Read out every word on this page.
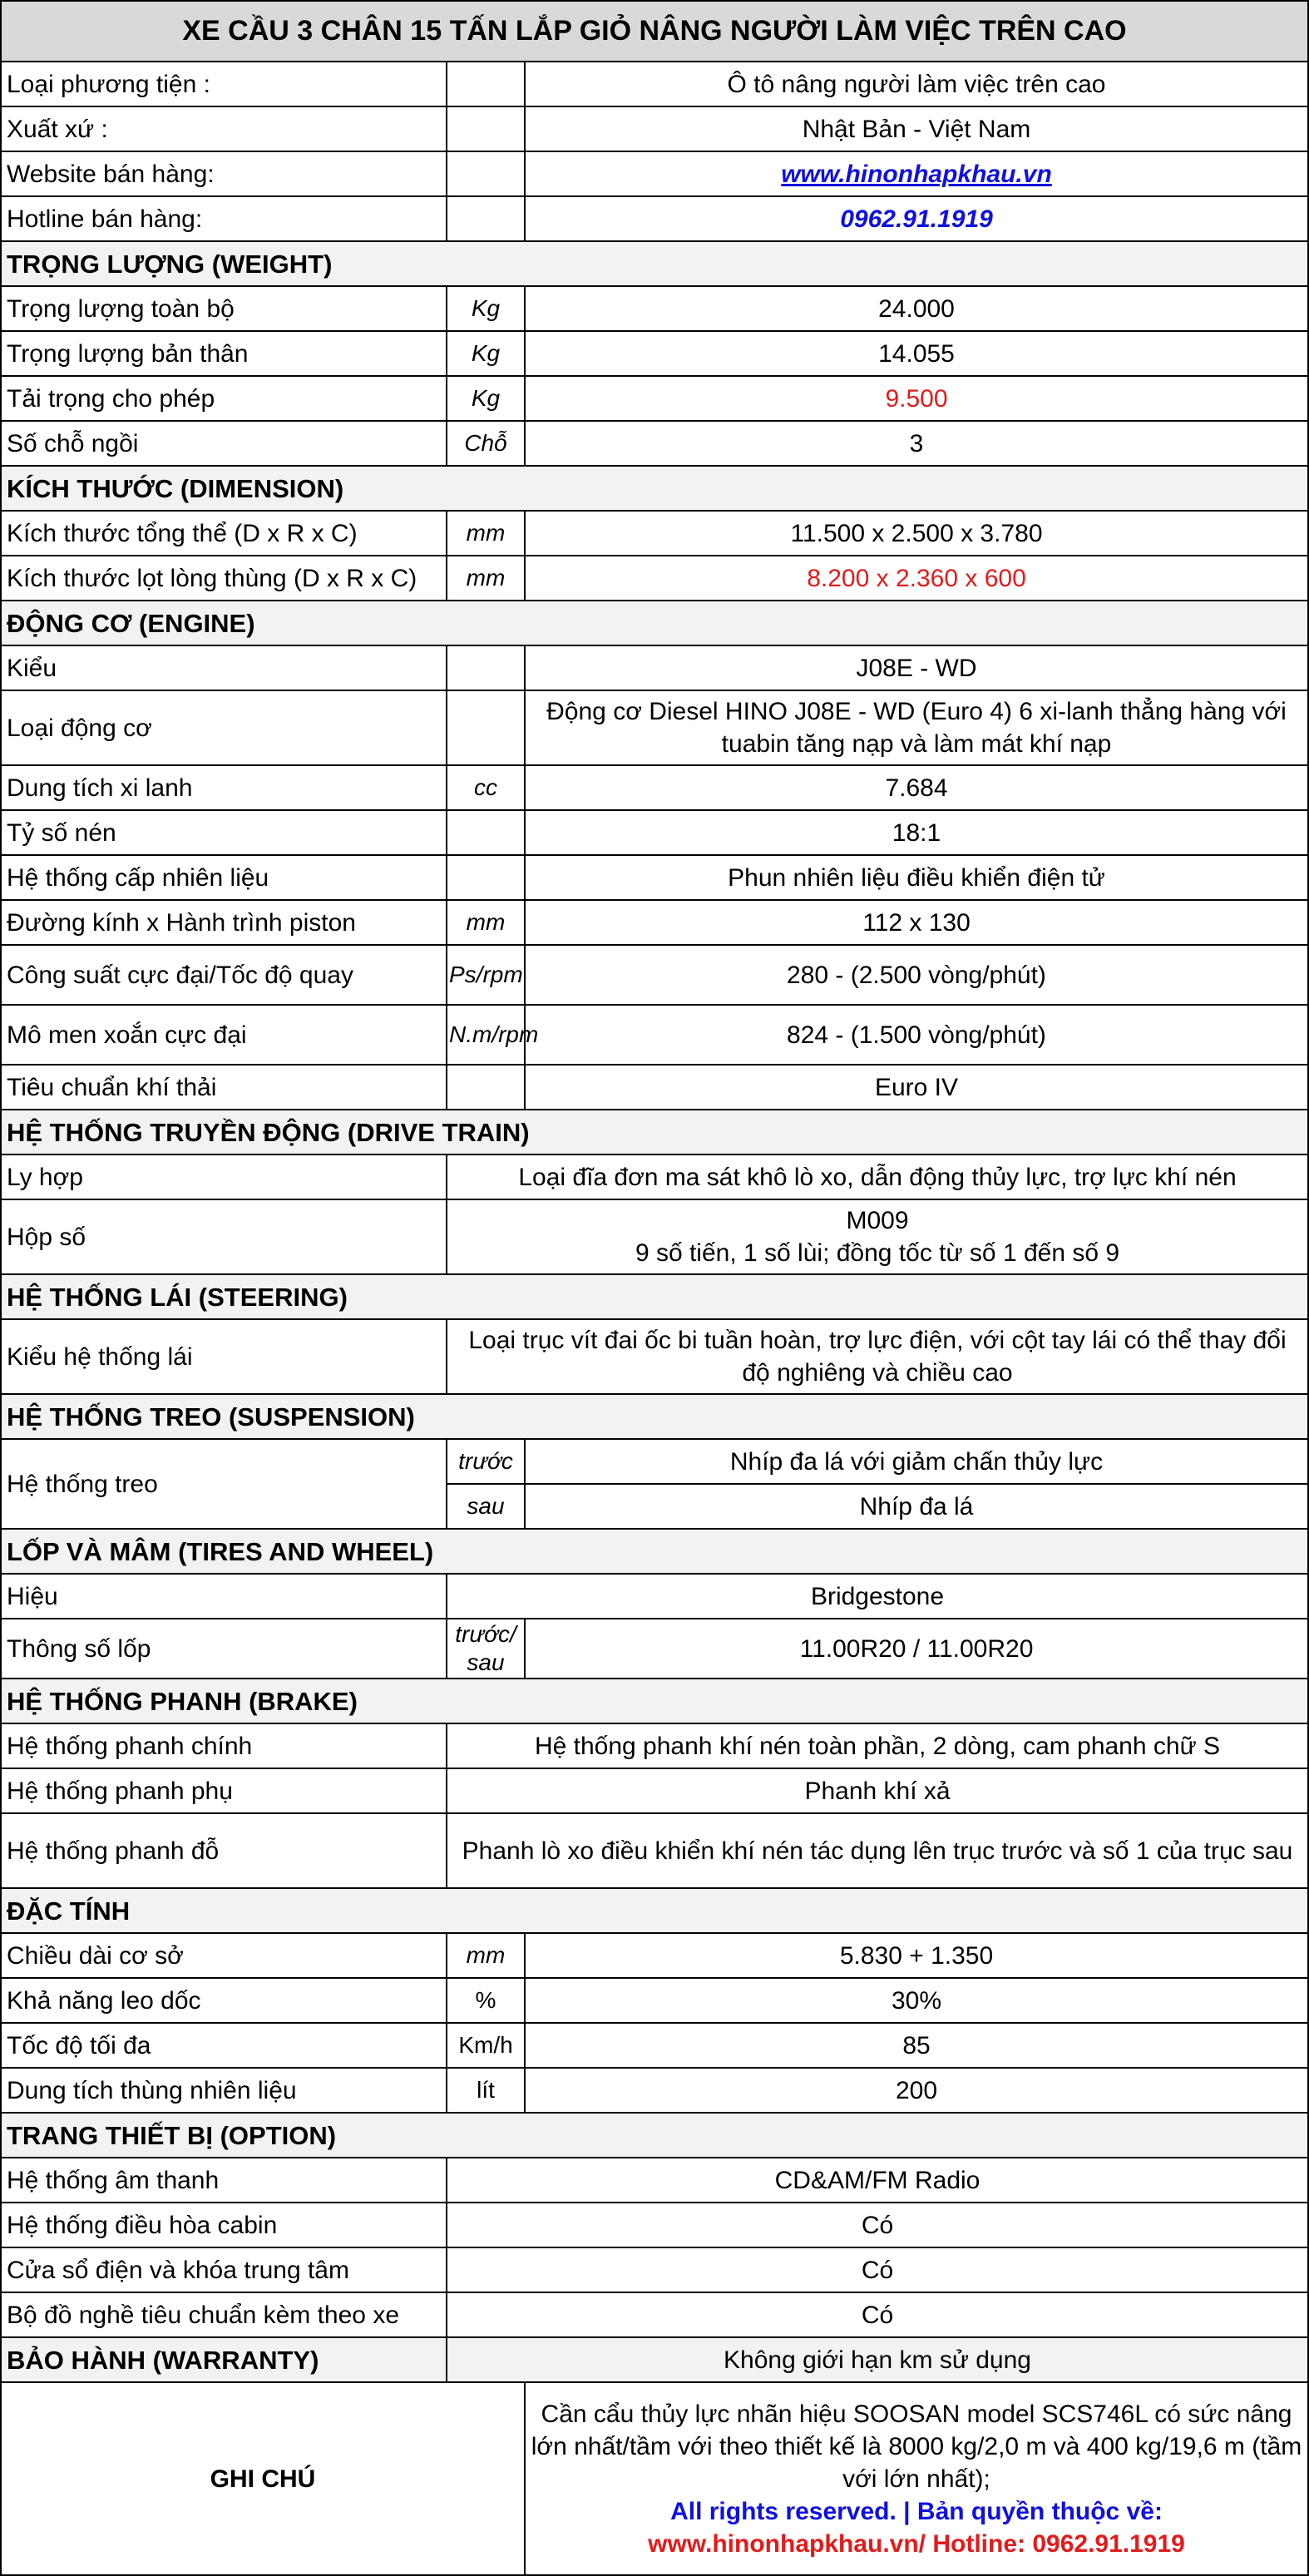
XE CẦU 3 CHÂN 15 TẤN LẮP GIỎ NÂNG NGƯỜI LÀM VIỆC TRÊN CAO		
Loại phương tiện :		Ô tô nâng người làm việc trên cao
Xuất xứ :		Nhật Bản - Việt Nam
Website bán hàng:		www.hinonhapkhau.vn
Hotline bán hàng:		0962.91.1919
TRỌNG LƯỢNG (WEIGHT)		
Trọng lượng toàn bộ	Kg	24.000
Trọng lượng bản thân	Kg	14.055
Tải trọng cho phép	Kg	9.500
Số chỗ ngồi	Chỗ	3
KÍCH THƯỚC (DIMENSION)		
Kích thước tổng thể (D x R x C)	mm	11.500 x 2.500 x 3.780
Kích thước lọt lòng thùng (D x R x C)	mm	8.200 x 2.360 x 600
ĐỘNG CƠ (ENGINE)		
Kiểu		J08E - WD
Loại động cơ		Động cơ Diesel HINO J08E - WD (Euro 4) 6 xi-lanh thẳng hàng với tuabin tăng nạp và làm mát khí nạp
Dung tích xi lanh	cc	7.684
Tỷ số nén		18:1
Hệ thống cấp nhiên liệu		Phun nhiên liệu điều khiển điện tử
Đường kính x Hành trình piston	mm	112 x 130
Công suất cực đại/Tốc độ quay	Ps/rpm	280 - (2.500 vòng/phút)
Mô men xoắn cực đại	N.m/rpm	824 - (1.500 vòng/phút)
Tiêu chuẩn khí thải		Euro IV
HỆ THỐNG TRUYỀN ĐỘNG (DRIVE TRAIN)		
Ly hợp	Loại đĩa đơn ma sát khô lò xo, dẫn động thủy lực, trợ lực khí nén	
Hộp số	M009
9 số tiến, 1 số lùi; đồng tốc từ số 1 đến số 9	

HỆ THỐNG LÁI (STEERING)		
Kiểu hệ thống lái	Loại trục vít đai ốc bi tuần hoàn, trợ lực điện, với cột tay lái có thể thay đổi độ nghiêng và chiều cao	
HỆ THỐNG TREO (SUSPENSION)		
Hệ thống treo	trước	Nhíp đa lá với giảm chấn thủy lực
	sau	Nhíp đa lá
LỐP VÀ MÂM (TIRES AND WHEEL)		
Hiệu	Bridgestone	
Thông số lốp	trước/ sau	11.00R20 / 11.00R20
HỆ THỐNG PHANH (BRAKE)		
Hệ thống phanh chính	Hệ thống phanh khí nén toàn phần, 2 dòng, cam phanh chữ S	
Hệ thống phanh phụ	Phanh khí xả	
Hệ thống phanh đỗ	Phanh lò xo điều khiển khí nén tác dụng lên trục trước và số 1 của trục sau	
ĐẶC TÍNH		
Chiều dài cơ sở	mm	5.830 + 1.350
Khả năng leo dốc	%	30%
Tốc độ tối đa	Km/h	85
Dung tích thùng nhiên liệu	lít	200
TRANG THIẾT BỊ (OPTION)		
Hệ thống âm thanh	CD&AM/FM Radio	
Hệ thống điều hòa cabin	Có	
Cửa sổ điện và khóa trung tâm	Có	
Bộ đồ nghề tiêu chuẩn kèm theo xe	Có	
BẢO HÀNH (WARRANTY)	Không giới hạn km sử dụng	
GHI CHÚ		Cần cẩu thủy lực nhãn hiệu SOOSAN model SCS746L có sức nâng lớn nhất/tầm với theo thiết kế là 8000 kg/2,0 m và 400 kg/19,6 m (tầm với lớn nhất);
All rights reserved. | Bản quyền thuộc về:
www.hinonhapkhau.vn/ Hotline: 0962.91.1919
